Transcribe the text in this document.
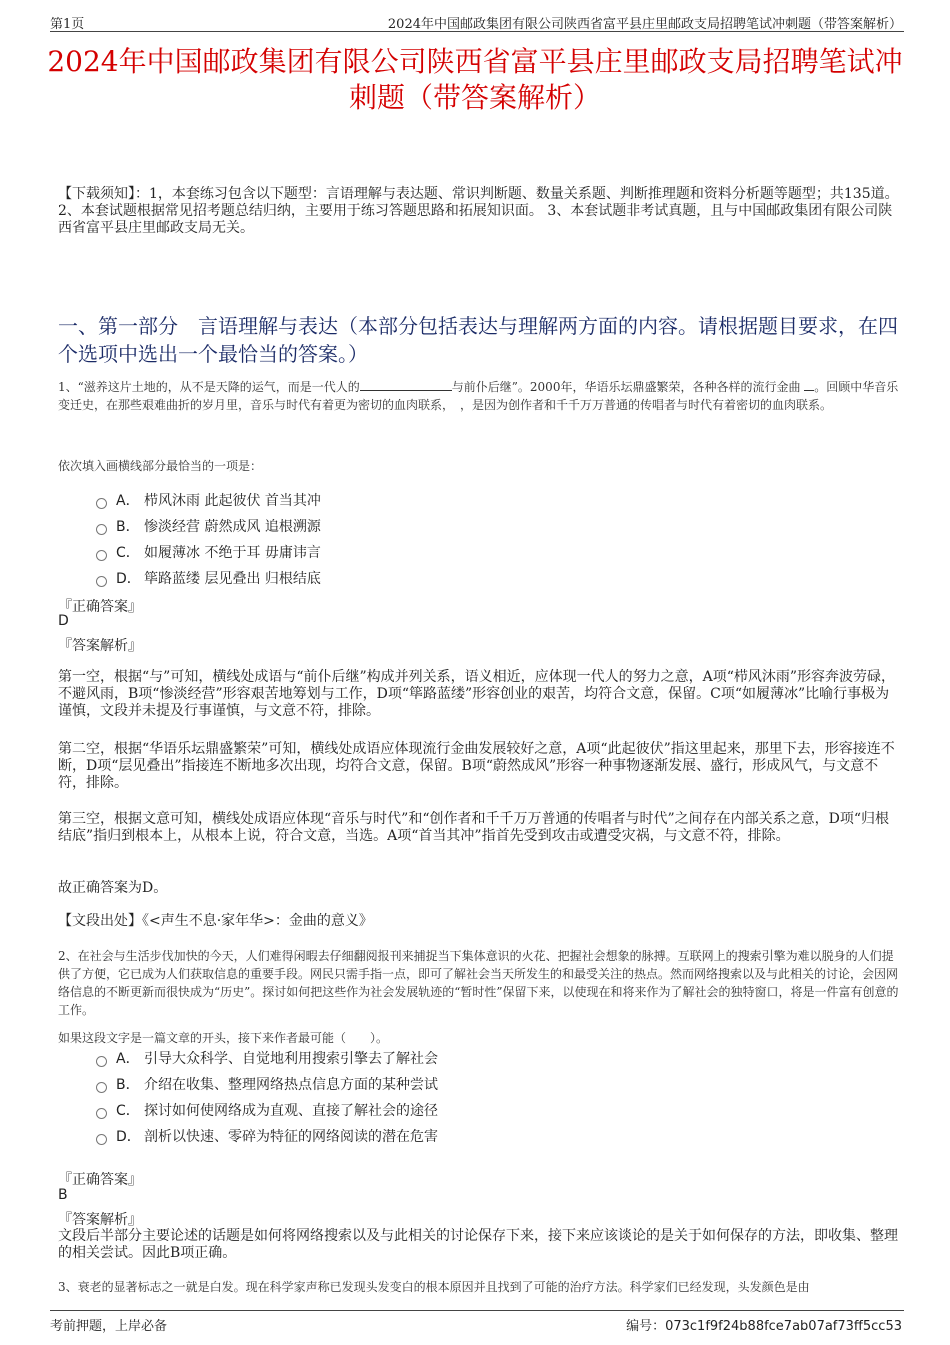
第1页	2024年中国邮政集团有限公司陕西省富平县庄里邮政支局招聘笔试冲刺题（带答案解析）
2024年中国邮政集团有限公司陕西省富平县庄里邮政支局招聘笔试冲刺题（带答案解析）
【下载须知】：1，本套练习包含以下题型：言语理解与表达题、常识判断题、数量关系题、判断推理题和资料分析题等题型；共135道。 2、本套试题根据常见招考题总结归纳，主要用于练习答题思路和拓展知识面。 3、本套试题非考试真题，且与中国邮政集团有限公司陕西省富平县庄里邮政支局无关。
一、第一部分　言语理解与表达（本部分包括表达与理解两方面的内容。请根据题目要求，在四个选项中选出一个最恰当的答案。）
1、“滋养这片土地的，从不是天降的运气，而是一代人的	与前仆后继”。2000年，华语乐坛鼎盛繁荣，各种各样的流行金曲 。回顾中华音乐变迁史，在那些艰难曲折的岁月里，音乐与时代有着更为密切的血肉联系，　 ，是因为创作者和千千万万普通的传唱者与时代有着密切的血肉联系。
依次填入画横线部分最恰当的一项是：
A． 栉风沐雨 此起彼伏 首当其冲
B． 惨淡经营 蔚然成风 追根溯源
C． 如履薄冰 不绝于耳 毋庸讳言
D． 筚路蓝缕 层见叠出 归根结底
『正确答案』
D
『答案解析』
第一空，根据“与”可知，横线处成语与“前仆后继”构成并列关系，语义相近，应体现一代人的努力之意，A项“栉风沐雨”形容奔波劳碌，不避风雨，B项“惨淡经营”形容艰苦地筹划与工作，D项“筚路蓝缕”形容创业的艰苦，均符合文意，保留。C项“如履薄冰”比喻行事极为谨慎，文段并未提及行事谨慎，与文意不符，排除。
第二空，根据“华语乐坛鼎盛繁荣”可知，横线处成语应体现流行金曲发展较好之意，A项“此起彼伏”指这里起来，那里下去，形容接连不断，D项“层见叠出”指接连不断地多次出现，均符合文意，保留。B项“蔚然成风”形容一种事物逐渐发展、盛行，形成风气，与文意不符，排除。
第三空，根据文意可知，横线处成语应体现“音乐与时代”和“创作者和千千万万普通的传唱者与时代”之间存在内部关系之意，D项“归根结底”指归到根本上，从根本上说，符合文意，当选。A项“首当其冲”指首先受到攻击或遭受灾祸，与文意不符，排除。
故正确答案为D。
【文段出处】《<声生不息·家年华>：金曲的意义》
2、在社会与生活步伐加快的今天，人们难得闲暇去仔细翻阅报刊来捕捉当下集体意识的火花、把握社会想象的脉搏。互联网上的搜索引擎为难以脱身的人们提供了方便，它已成为人们获取信息的重要手段。网民只需手指一点，即可了解社会当天所发生的和最受关注的热点。然而网络搜索以及与此相关的讨论，会因网络信息的不断更新而很快成为“历史”。探讨如何把这些作为社会发展轨迹的“暂时性”保留下来，以使现在和将来作为了解社会的独特窗口，将是一件富有创意的工作。
如果这段文字是一篇文章的开头，接下来作者最可能（　　）。
A． 引导大众科学、自觉地利用搜索引擎去了解社会
B． 介绍在收集、整理网络热点信息方面的某种尝试
C． 探讨如何使网络成为直观、直接了解社会的途径
D． 剖析以快速、零碎为特征的网络阅读的潜在危害
『正确答案』
B
『答案解析』
文段后半部分主要论述的话题是如何将网络搜索以及与此相关的讨论保存下来，接下来应该谈论的是关于如何保存的方法，即收集、整理的相关尝试。因此B项正确。
3、衰老的显著标志之一就是白发。现在科学家声称已发现头发变白的根本原因并且找到了可能的治疗方法。科学家们已经发现，头发颜色是由
考前押题，上岸必备	编号：073c1f9f24b88fce7ab07af73ff5cc53
